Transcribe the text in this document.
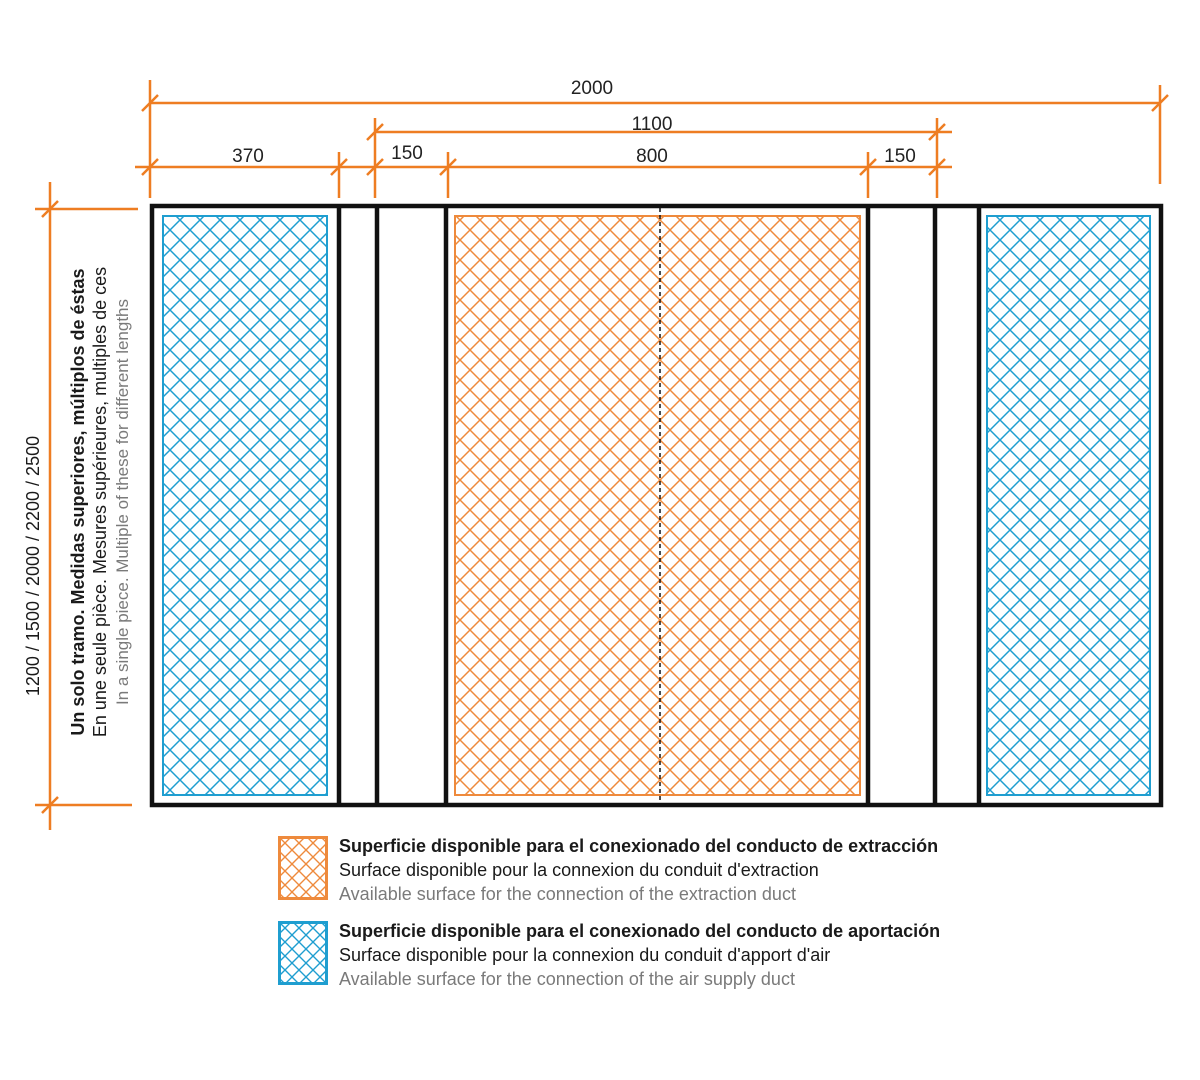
2000
1100
370	150	800	150
1200 / 1500 / 2000 / 2200 / 2500 Un solo tramo. Medidas superiores, múltiplos de éstas En une seule pièce. Mesures supérieures, multiples de ces In a single piece. Multiple of these for different lengths
Superficie disponible para el conexionado del conducto de extracción
Surface disponible pour la connexion du conduit d'extraction
Available surface for the connection of the extraction duct
Superficie disponible para el conexionado del conducto de aportación
Surface disponible pour la connexion du conduit d'apport d'air
Available surface for the connection of the air supply duct
